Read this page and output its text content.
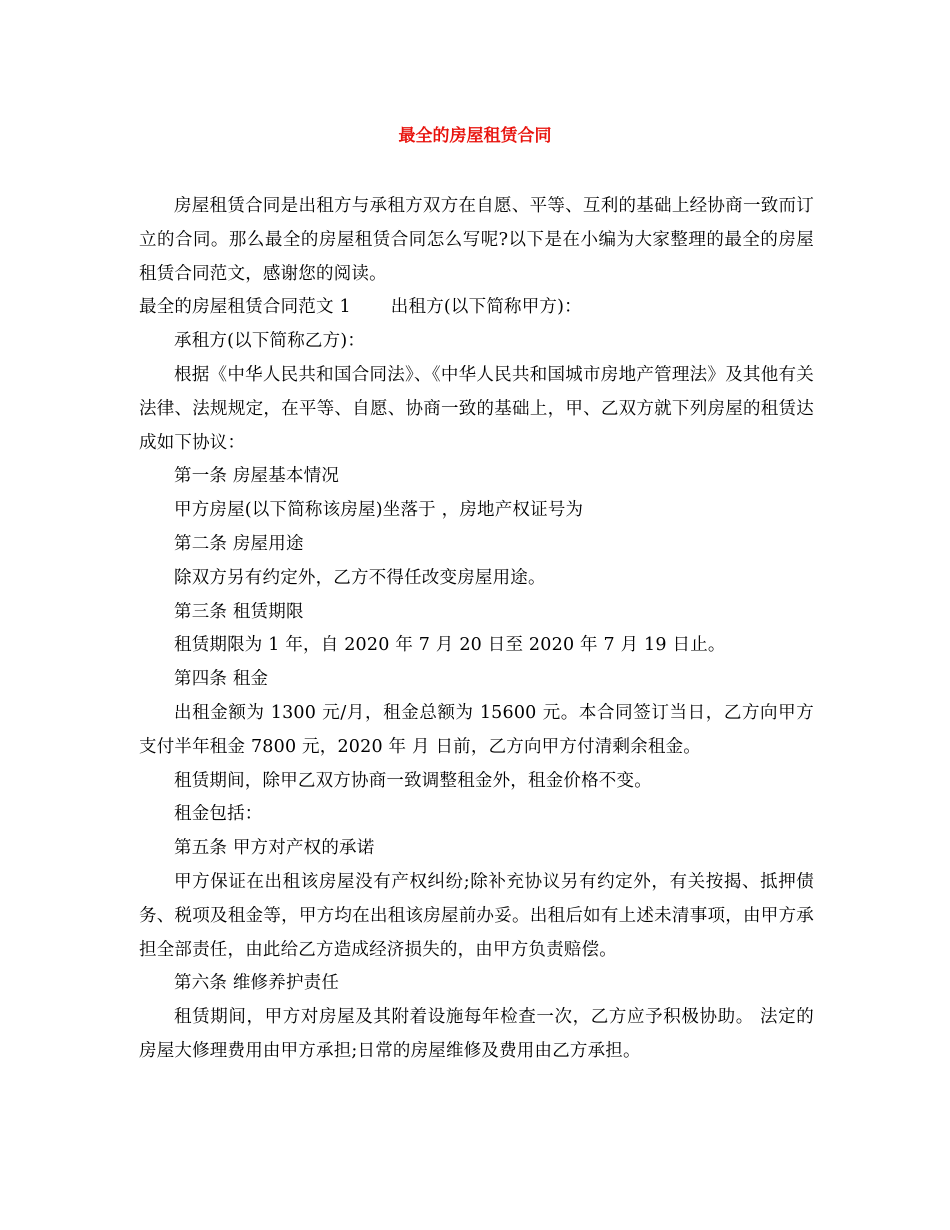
最全的房屋租赁合同

房屋租赁合同是出租方与承租方双方在自愿、平等、互利的基础上经协商一致而订立的合同。那么最全的房屋租赁合同怎么写呢?以下是在小编为大家整理的最全的房屋租赁合同范文，感谢您的阅读。

最全的房屋租赁合同范文 1 出租方(以下简称甲方)：

承租方(以下简称乙方)：

根据《中华人民共和国合同法》、《中华人民共和国城市房地产管理法》及其他有关法律、法规规定，在平等、自愿、协商一致的基础上，甲、乙双方就下列房屋的租赁达成如下协议：

第一条 房屋基本情况

甲方房屋(以下简称该房屋)坐落于 ，房地产权证号为

第二条 房屋用途

除双方另有约定外，乙方不得任改变房屋用途。

第三条 租赁期限

租赁期限为 1 年，自 2020 年 7 月 20 日至 2020 年 7 月 19 日止。

第四条 租金

出租金额为 1300 元/月，租金总额为 15600 元。本合同签订当日，乙方向甲方支付半年租金 7800 元，2020 年 月 日前，乙方向甲方付清剩余租金。

租赁期间，除甲乙双方协商一致调整租金外，租金价格不变。

租金包括：

第五条 甲方对产权的承诺

甲方保证在出租该房屋没有产权纠纷;除补充协议另有约定外，有关按揭、抵押债务、税项及租金等，甲方均在出租该房屋前办妥。出租后如有上述未清事项，由甲方承担全部责任，由此给乙方造成经济损失的，由甲方负责赔偿。

第六条 维修养护责任

租赁期间，甲方对房屋及其附着设施每年检查一次，乙方应予积极协助。 法定的房屋大修理费用由甲方承担;日常的房屋维修及费用由乙方承担。
